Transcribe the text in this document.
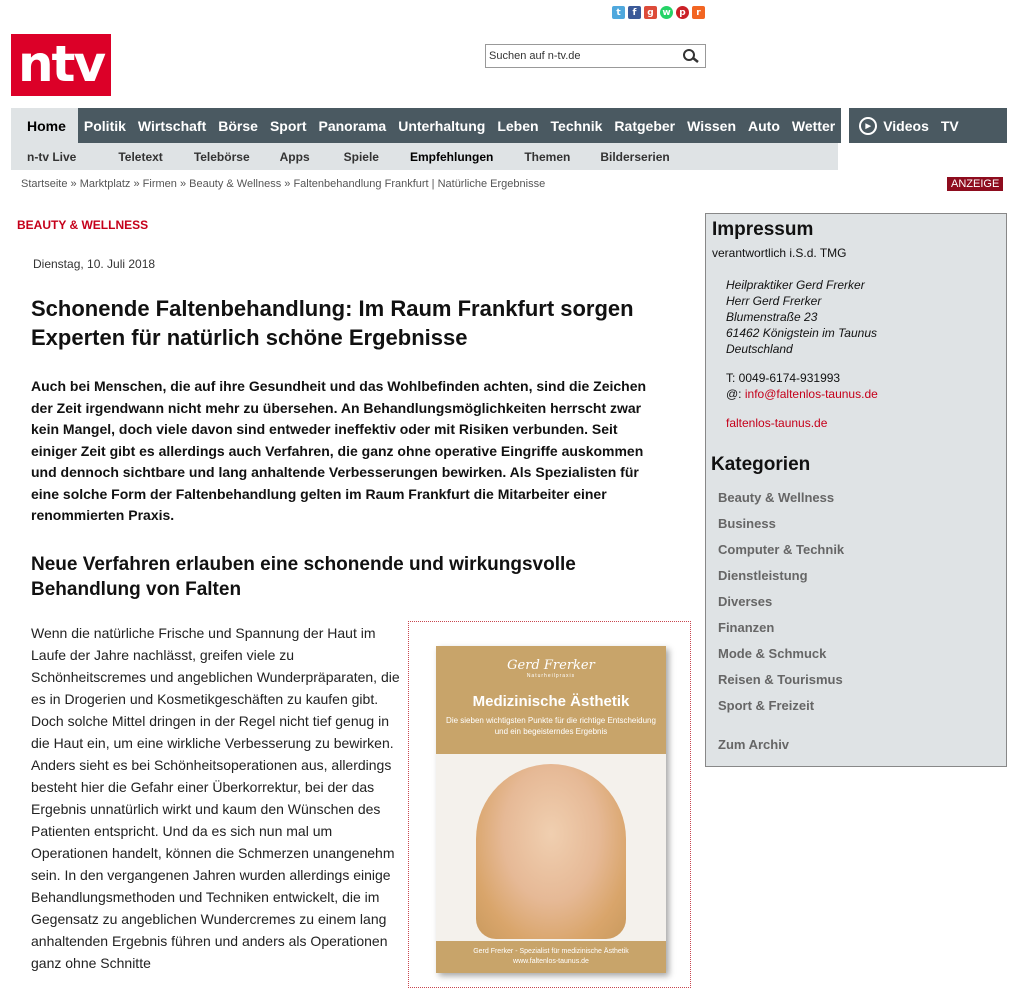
t	f	g w p	r
ntv
Suchen auf n-tv.de
Home	Politik Wirtschaft Börse Sport Panorama Unterhaltung Leben Technik Ratgeber Wissen Auto Wetter	▶ Videos TV
n-tv Live	Teletext	Telebörse	Apps	Spiele	Empfehlungen	Themen	Bilderserien
Startseite » Marktplatz » Firmen » Beauty & Wellness » Faltenbehandlung Frankfurt | Natürliche Ergebnisse	ANZEIGE
BEAUTY & WELLNESS
Dienstag, 10. Juli 2018
Schonende Faltenbehandlung: Im Raum Frankfurt sorgen Experten für natürlich schöne Ergebnisse

Auch bei Menschen, die auf ihre Gesundheit und das Wohlbefinden achten, sind die Zeichen der Zeit irgendwann nicht mehr zu übersehen. An Behandlungsmöglichkeiten herrscht zwar kein Mangel, doch viele davon sind entweder ineffektiv oder mit Risiken verbunden. Seit einiger Zeit gibt es allerdings auch Verfahren, die ganz ohne operative Eingriffe auskommen und dennoch sichtbare und lang anhaltende Verbesserungen bewirken. Als Spezialisten für eine solche Form der Faltenbehandlung gelten im Raum Frankfurt die Mitarbeiter einer renommierten Praxis.

Neue Verfahren erlauben eine schonende und wirkungsvolle Behandlung von Falten

Wenn die natürliche Frische und Spannung der Haut im Laufe der Jahre nachlässt, greifen viele zu Schönheitscremes und angeblichen Wunderpräparaten, die es in Drogerien und Kosmetikgeschäften zu kaufen gibt. Doch solche Mittel dringen in der Regel nicht tief genug in die Haut ein, um eine wirkliche Verbesserung zu bewirken. Anders sieht es bei Schönheitsoperationen aus, allerdings besteht hier die Gefahr einer Überkorrektur, bei der das Ergebnis unnatürlich wirkt und kaum den Wünschen des Patienten entspricht. Und da es sich nun mal um Operationen handelt, können die Schmerzen unangenehm sein. In den vergangenen Jahren wurden allerdings einige Behandlungsmethoden und Techniken entwickelt, die im Gegensatz zu angeblichen Wundercremes zu einem lang anhaltenden Ergebnis führen und anders als Operationen ganz ohne Schnitte

Gerd Frerker
Naturheilpraxis
Medizinische Ästhetik
Die sieben wichtigsten Punkte für die richtige Entscheidung und ein begeisterndes Ergebnis
Gerd Frerker - Spezialist für medizinische Ästhetik
www.faltenlos-taunus.de
Impressum
verantwortlich i.S.d. TMG
Heilpraktiker Gerd Frerker
Herr Gerd Frerker
Blumenstraße 23
61462 Königstein im Taunus
Deutschland
T: 0049-6174-931993
@: info@faltenlos-taunus.de
faltenlos-taunus.de
Kategorien
Beauty & Wellness
Business
Computer & Technik
Dienstleistung
Diverses
Finanzen
Mode & Schmuck
Reisen & Tourismus
Sport & Freizeit
Zum Archiv
